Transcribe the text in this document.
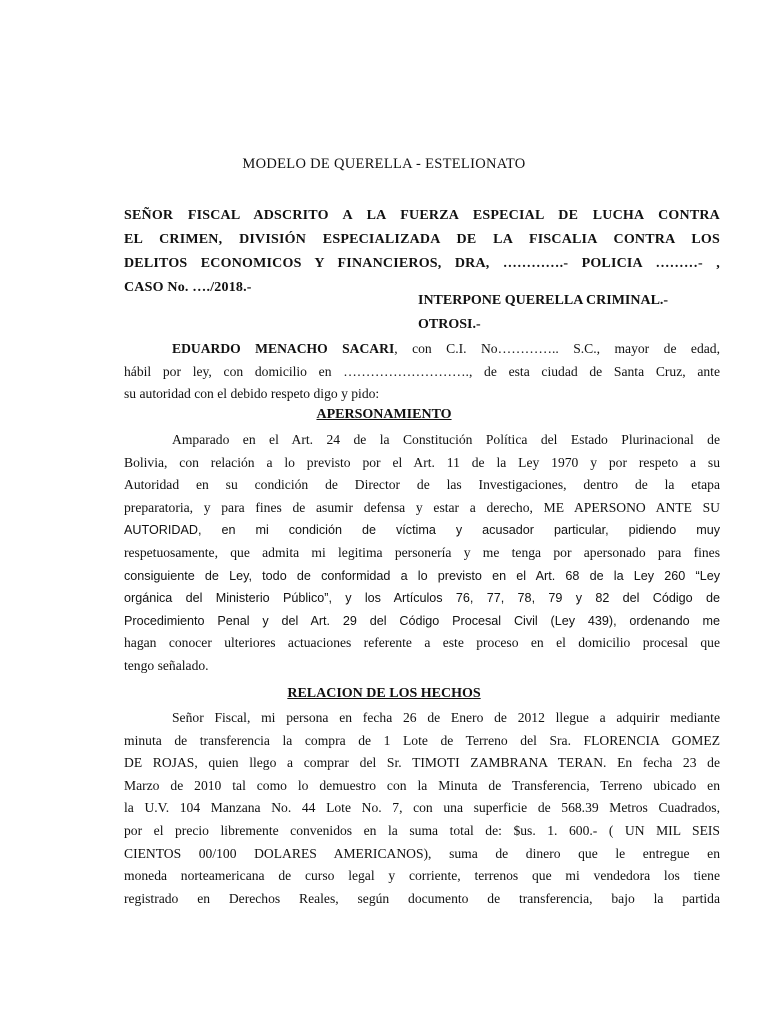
MODELO DE QUERELLA - ESTELIONATO
SEÑOR FISCAL ADSCRITO A LA FUERZA ESPECIAL DE LUCHA CONTRA
EL CRIMEN, DIVISIÓN ESPECIALIZADA DE LA FISCALIA CONTRA LOS
DELITOS ECONOMICOS Y FINANCIEROS, DRA, ………….- POLICIA ………- ,
CASO No. …./2018.-
INTERPONE QUERELLA CRIMINAL.-
OTROSI.-
EDUARDO MENACHO SACARI, con C.I. No………….. S.C., mayor de edad,
hábil por ley, con domicilio en ………………………., de esta ciudad de Santa Cruz, ante
su autoridad con el debido respeto digo y pido:
APERSONAMIENTO
Amparado en el Art. 24 de la Constitución Política del Estado Plurinacional de
Bolivia, con relación a lo previsto por el Art. 11 de la Ley 1970 y por respeto a su
Autoridad en su condición de Director de las Investigaciones, dentro de la etapa
preparatoria, y para fines de asumir defensa y estar a derecho, ME APERSONO ANTE SU
AUTORIDAD, en mi condición de víctima y acusador particular, pidiendo muy
respetuosamente, que admita mi legitima personería y me tenga por apersonado para fines
consiguiente de Ley, todo de conformidad a lo previsto en el Art. 68 de la Ley 260 “Ley
orgánica del Ministerio Público”, y los Artículos 76, 77, 78, 79 y 82 del Código de
Procedimiento Penal y del Art. 29 del Código Procesal Civil (Ley 439), ordenando me
hagan conocer ulteriores actuaciones referente a este proceso en el domicilio procesal que
tengo señalado.
RELACION DE LOS HECHOS
Señor Fiscal, mi persona en fecha 26 de Enero de 2012 llegue a adquirir mediante
minuta de transferencia la compra de 1 Lote de Terreno del Sra. FLORENCIA GOMEZ
DE ROJAS, quien llego a comprar del Sr. TIMOTI ZAMBRANA TERAN. En fecha 23 de
Marzo de 2010 tal como lo demuestro con la Minuta de Transferencia, Terreno ubicado en
la U.V. 104 Manzana No. 44 Lote No. 7, con una superficie de 568.39 Metros Cuadrados,
por el precio libremente convenidos en la suma total de: $us. 1. 600.- ( UN MIL SEIS
CIENTOS 00/100 DOLARES AMERICANOS), suma de dinero que le entregue en
moneda norteamericana de curso legal y corriente, terrenos que mi vendedora los tiene
registrado en Derechos Reales, según documento de transferencia, bajo la partida
